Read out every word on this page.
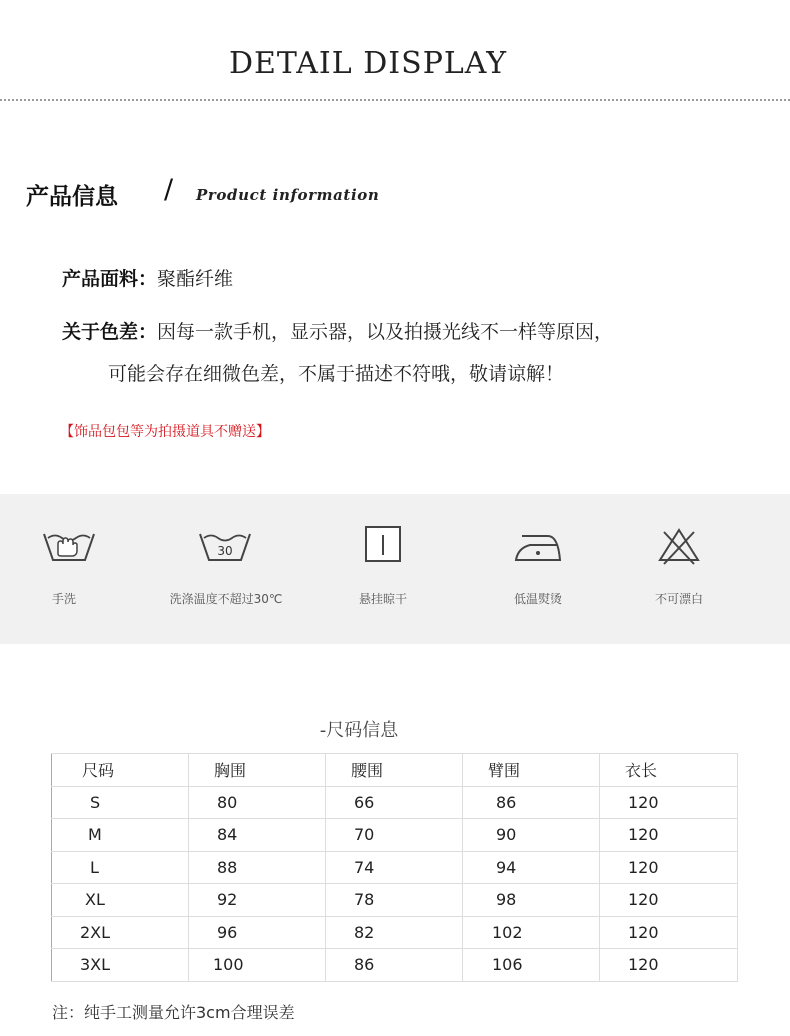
DETAIL DISPLAY
产品信息 / Product information
产品面料：聚酯纤维
关于色差：因每一款手机，显示器，以及拍摄光线不一样等原因，
可能会存在细微色差，不属于描述不符哦，敬请谅解！
【饰品包包等为拍摄道具不赠送】
手洗
30
洗涤温度不超过30℃	悬挂晾干	低温熨烫	不可漂白
-尺码信息
尺码	胸围	腰围	臂围	衣长
S	80	66	86	120
M	84	70	90	120
L	88	74	94	120
XL	92	78	98	120
2XL	96	82	102	120
3XL	100	86	106	120
注：纯手工测量允许3cm合理误差
